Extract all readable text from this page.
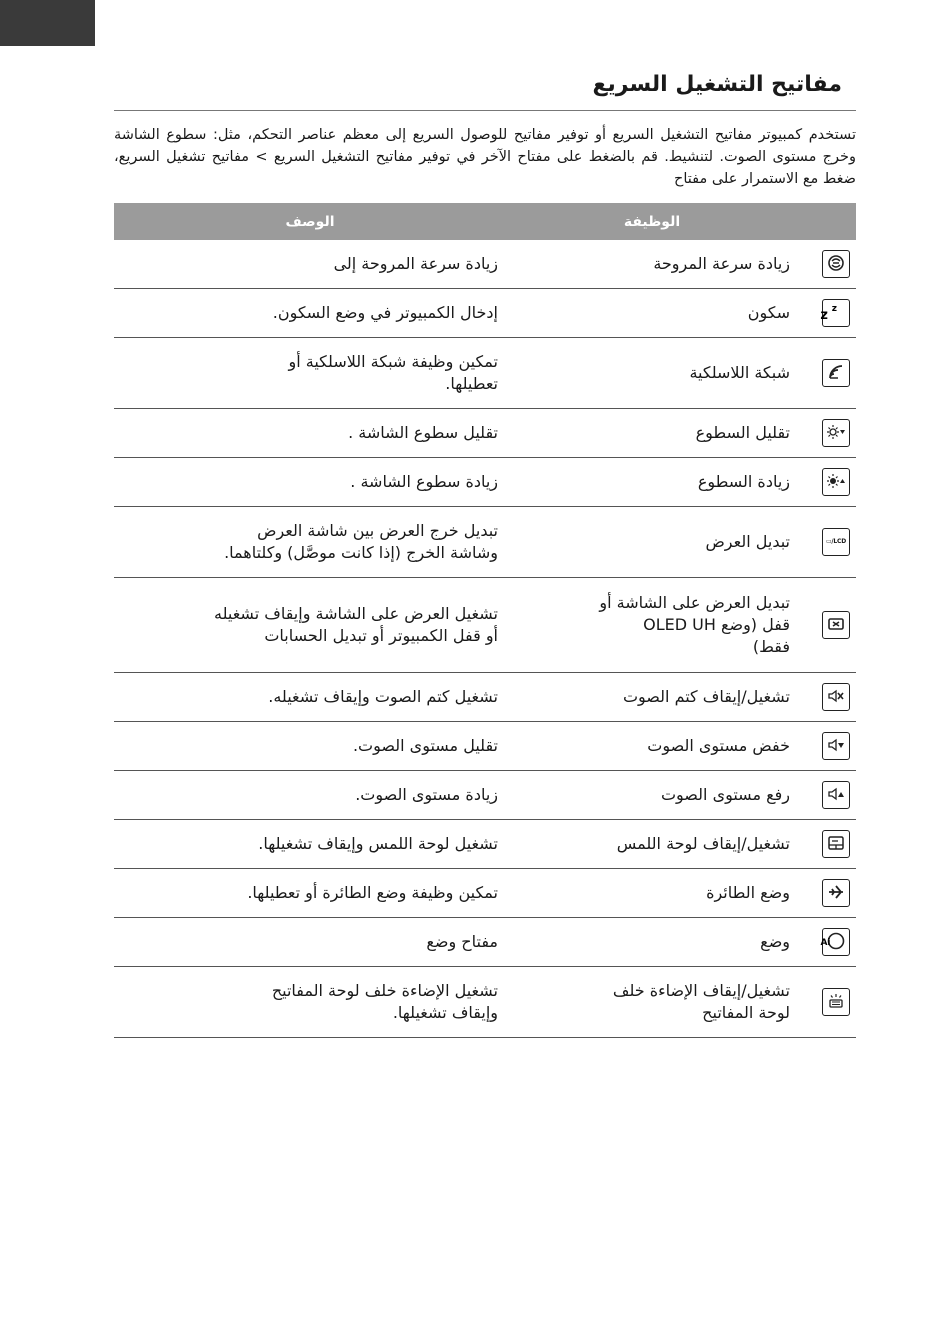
مفاتيح التشغيل السريع

تستخدم كمبيوتر مفاتيح التشغيل السريع أو توفير مفاتيح للوصول السريع إلى معظم عناصر التحكم، مثل: سطوع الشاشة وخرج مستوى الصوت. لتنشيط. قم بالضغط على مفتاح الآخر في توفير مفاتيح التشغيل السريع > مفاتيح تشغيل السريع، ضغط مع الاستمرار على مفتاح

	الوظيفة	الوصف
	زيادة سرعة المروحة	زيادة سرعة المروحة إلى

z z	سكون	إدخال الكمبيوتر في وضع السكون.
	شبكة اللاسلكية	تمكين وظيفة شبكة اللاسلكية أو
تعطيلها.
	تقليل السطوع	تقليل سطوع الشاشة .
	زيادة السطوع	زيادة سطوع الشاشة .
LCD/▭	تبديل العرض	تبديل خرج العرض بين شاشة العرض
وشاشة الخرج (إذا كانت موصَّل) وكلتاهما.
	تبديل العرض على الشاشة أو
قفل (وضع OLED UH
فقط)	تشغيل العرض على الشاشة وإيقاف تشغيله
أو قفل الكمبيوتر أو تبديل الحسابات
	تشغيل/إيقاف كتم الصوت	تشغيل كتم الصوت وإيقاف تشغيله.
	خفض مستوى الصوت	تقليل مستوى الصوت.
	رفع مستوى الصوت	زيادة مستوى الصوت.
	تشغيل/إيقاف لوحة اللمس	تشغيل لوحة اللمس وإيقاف تشغيلها.
	وضع الطائرة	تمكين وظيفة وضع الطائرة أو تعطيلها.

Ai	وضع	مفتاح وضع
	تشغيل/إيقاف الإضاءة خلف
لوحة المفاتيح	تشغيل الإضاءة خلف لوحة المفاتيح
وإيقاف تشغيلها.
